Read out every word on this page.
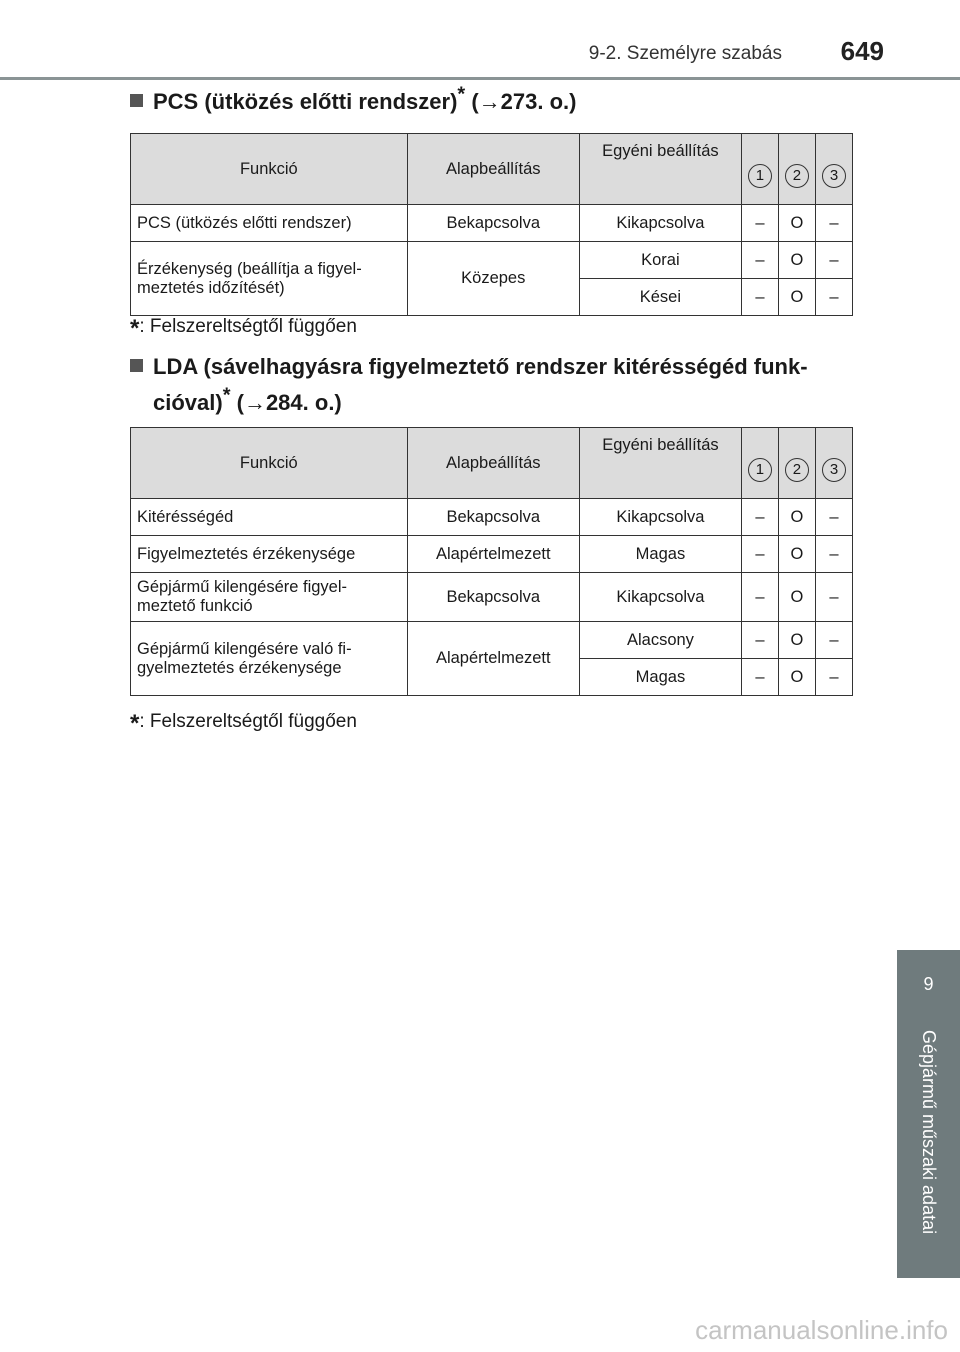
9-2. Személyre szabás 649
9
Gépjármű műszaki adatai
PCS (ütközés előtti rendszer)* (→273. o.)
Funkció	Alapbeállítás	Egyéni beállítás	1	2	3
PCS (ütközés előtti rendszer)	Bekapcsolva	Kikapcsolva	–	O	–
Érzékenység (beállítja a figyel-meztetés időzítését)	Közepes	Korai	–	O	–
		Kései	–	O	–
*: Felszereltségtől függően
LDA (sávelhagyásra figyelmeztető rendszer kitérésségéd funk-
cióval)* (→284. o.)
Funkció	Alapbeállítás	Egyéni beállítás	1	2	3
Kitérésségéd	Bekapcsolva	Kikapcsolva	–	O	–
Figyelmeztetés érzékenysége	Alapértelmezett	Magas	–	O	–
Gépjármű kilengésére figyel-meztető funkció	Bekapcsolva	Kikapcsolva	–	O	–
Gépjármű kilengésére való fi-gyelmeztetés érzékenysége	Alapértelmezett	Alacsony	–	O	–
		Magas	–	O	–
*: Felszereltségtől függően
carmanualsonline.info
